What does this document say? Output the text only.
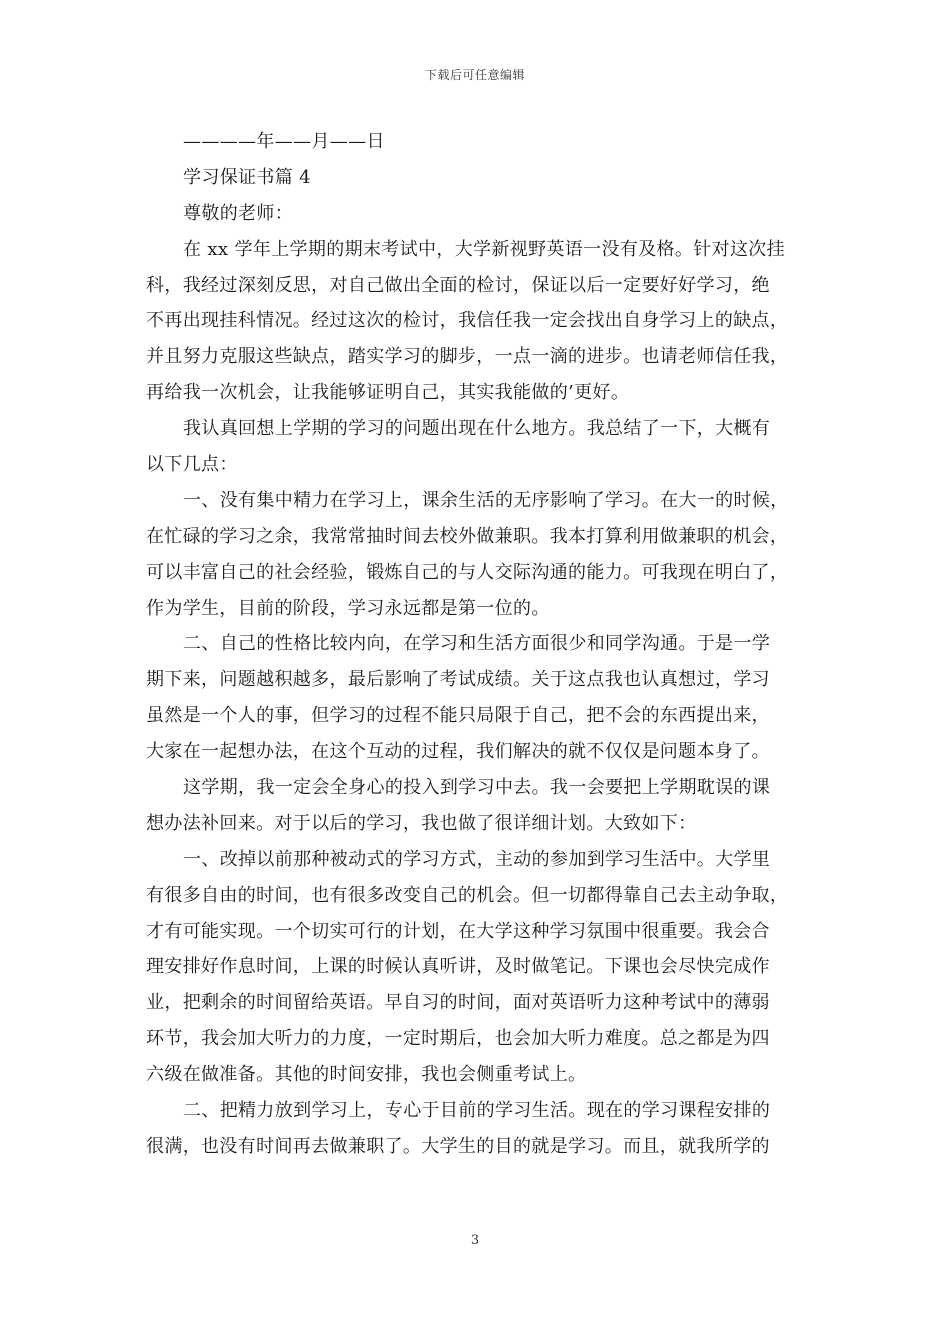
下载后可任意编辑
————年——月——日
学习保证书篇 4
尊敬的老师：
在 xx 学年上学期的期末考试中，大学新视野英语一没有及格。针对这次挂
科，我经过深刻反思，对自己做出全面的检讨，保证以后一定要好好学习，绝
不再出现挂科情况。经过这次的检讨，我信任我一定会找出自身学习上的缺点，
并且努力克服这些缺点，踏实学习的脚步，一点一滴的进步。也请老师信任我，
再给我一次机会，让我能够证明自己，其实我能做的’更好。
我认真回想上学期的学习的问题出现在什么地方。我总结了一下，大概有
以下几点：
一、没有集中精力在学习上，课余生活的无序影响了学习。在大一的时候，
在忙碌的学习之余，我常常抽时间去校外做兼职。我本打算利用做兼职的机会，
可以丰富自己的社会经验，锻炼自己的与人交际沟通的能力。可我现在明白了，
作为学生，目前的阶段，学习永远都是第一位的。
二、自己的性格比较内向，在学习和生活方面很少和同学沟通。于是一学
期下来，问题越积越多，最后影响了考试成绩。关于这点我也认真想过，学习
虽然是一个人的事，但学习的过程不能只局限于自己，把不会的东西提出来，
大家在一起想办法，在这个互动的过程，我们解决的就不仅仅是问题本身了。
这学期，我一定会全身心的投入到学习中去。我一会要把上学期耽误的课
想办法补回来。对于以后的学习，我也做了很详细计划。大致如下：
一、改掉以前那种被动式的学习方式，主动的参加到学习生活中。大学里
有很多自由的时间，也有很多改变自己的机会。但一切都得靠自己去主动争取，
才有可能实现。一个切实可行的计划，在大学这种学习氛围中很重要。我会合
理安排好作息时间，上课的时候认真听讲，及时做笔记。下课也会尽快完成作
业，把剩余的时间留给英语。早自习的时间，面对英语听力这种考试中的薄弱
环节，我会加大听力的力度，一定时期后，也会加大听力难度。总之都是为四
六级在做准备。其他的时间安排，我也会侧重考试上。
二、把精力放到学习上，专心于目前的学习生活。现在的学习课程安排的
很满，也没有时间再去做兼职了。大学生的目的就是学习。而且，就我所学的
3
